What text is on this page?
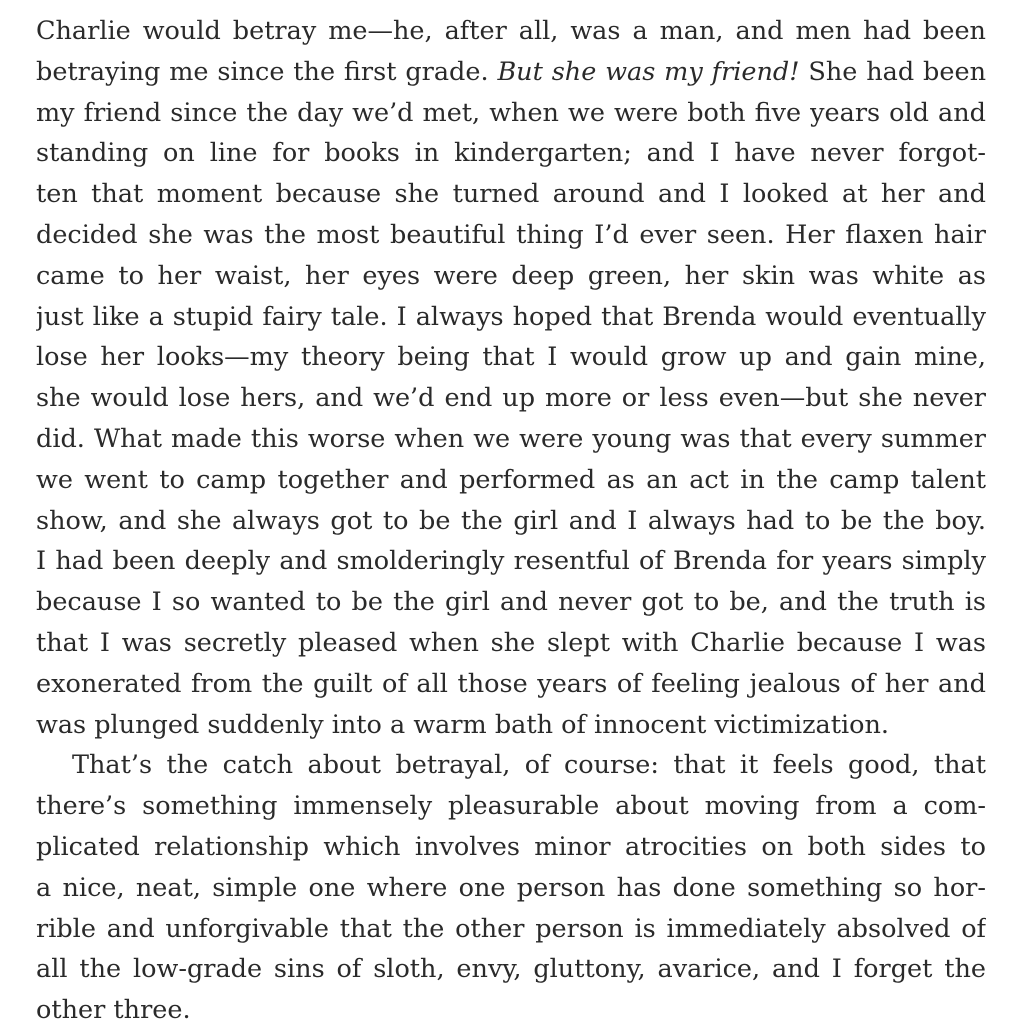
Charlie would betray me—he, after all, was a man, and men had been
betraying me since the first grade. But she was my friend! She had been
my friend since the day we’d met, when we were both five years old and
standing on line for books in kindergarten; and I have never forgot-
ten that moment because she turned around and I looked at her and
decided she was the most beautiful thing I’d ever seen. Her flaxen hair
came to her waist, her eyes were deep green, her skin was white as
just like a stupid fairy tale. I always hoped that Brenda would eventually
lose her looks—my theory being that I would grow up and gain mine,
she would lose hers, and we’d end up more or less even—but she never
did. What made this worse when we were young was that every summer
we went to camp together and performed as an act in the camp talent
show, and she always got to be the girl and I always had to be the boy.
I had been deeply and smolderingly resentful of Brenda for years simply
because I so wanted to be the girl and never got to be, and the truth is
that I was secretly pleased when she slept with Charlie because I was
exonerated from the guilt of all those years of feeling jealous of her and
was plunged suddenly into a warm bath of innocent victimization.
That’s the catch about betrayal, of course: that it feels good, that
there’s something immensely pleasurable about moving from a com-
plicated relationship which involves minor atrocities on both sides to
a nice, neat, simple one where one person has done something so hor-
rible and unforgivable that the other person is immediately absolved of
all the low-grade sins of sloth, envy, gluttony, avarice, and I forget the
other three.
